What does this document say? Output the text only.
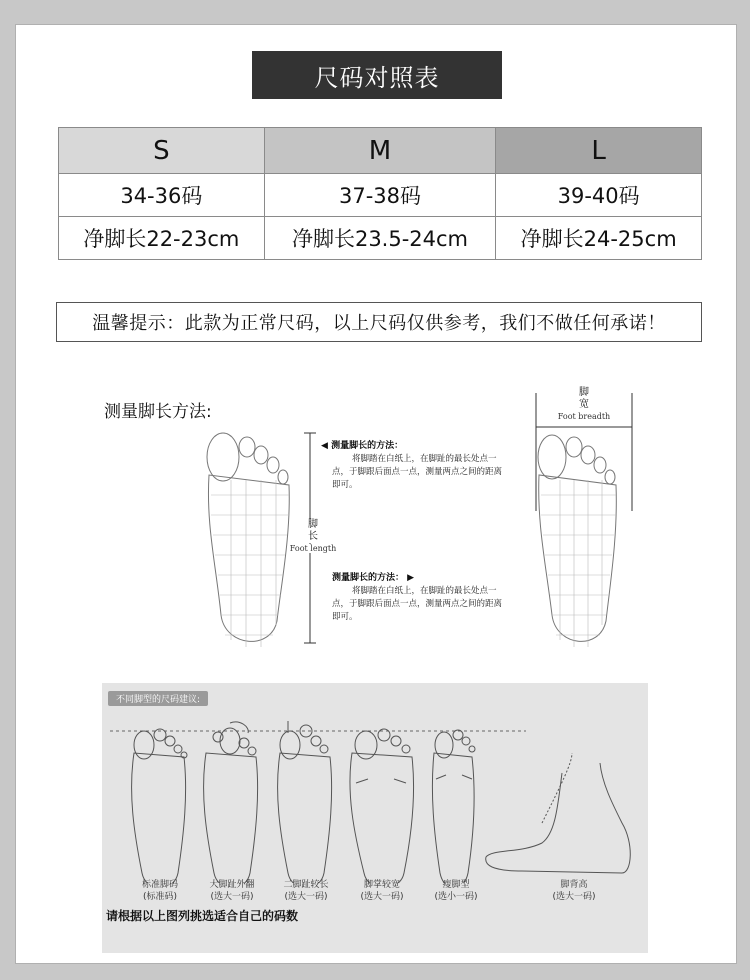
尺码对照表
S	M	L
34-36码	37-38码	39-40码
净脚长22-23cm	净脚长23.5-24cm	净脚长24-25cm
温馨提示：此款为正常尺码，以上尺码仅供参考，我们不做任何承诺！
测量脚长方法:
脚
长
Foot length
◀ 测量脚长的方法：
将脚踏在白纸上，在脚趾的最长处点一点，于脚跟后面点一点，测量两点之间的距离即可。
测量脚长的方法： ▶
将脚踏在白纸上，在脚趾的最长处点一点，于脚跟后面点一点，测量两点之间的距离即可。
脚
宽
Foot breadth
不同脚型的尺码建议:
标准脚码
(标准码)
大脚趾外翻
(选大一码)
二脚趾较长
(选大一码)
脚掌较宽
(选大一码)
瘦脚型
(选小一码)
脚背高
(选大一码)
请根据以上图列挑选适合自己的码数
